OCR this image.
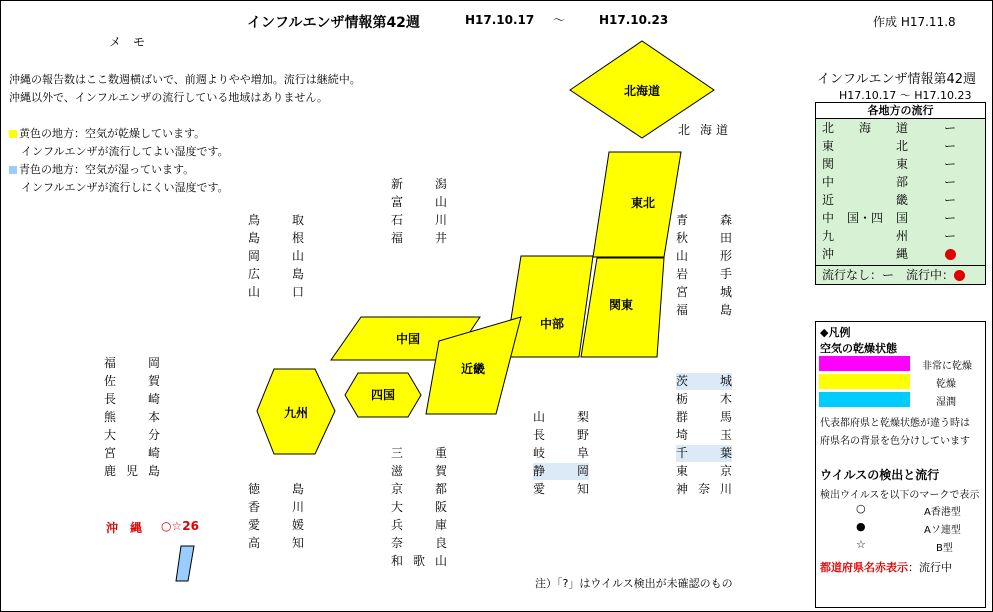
インフルエンザ情報第42週	H17.10.17 ～	H17.10.23	作成 H17.11.8
メ　モ
沖縄の報告数はここ数週横ばいで、前週よりやや増加。流行は継続中。
沖縄以外で、インフルエンザの流行している地域はありません。
黄色の地方：空気が乾燥しています。
インフルエンザが流行してよい湿度です。
青色の地方：空気が湿っています。
インフルエンザが流行しにくい湿度です。
北海道
東北
関東
中部
中国
近畿
四国
九州
北 海 道
新	潟
富	山
石	川
福	井
鳥	取
島	根
岡	山
広	島
山	口
青	森
秋	田
山	形
岩	手
宮	城
福	島
茨	城
栃	木
群	馬
埼	玉
千	葉
東	京
神 奈 川
山	梨
長	野
岐	阜
静	岡
愛	知
三	重
滋	賀
京	都
大	阪
兵	庫
奈	良
和 歌 山
徳	島
香	川
愛	媛
高	知
福	岡
佐	賀
長	崎
熊	本
大	分
宮	崎
鹿 児 島
沖　縄 ○☆26
注）「?」はウイルス検出が未確認のもの
インフルエンザ情報第42週
H17.10.17 ～ H17.10.23
各地方の流行
北 海 道	ー
東	北	ー
関	東	ー
中	部	ー
近	畿	ー
中 国・四 国	ー
九	州	ー
沖	縄
流行なし：ー　流行中：
◆凡例
空気の乾燥状態
非常に乾燥
乾燥
湿潤
代表都府県と乾燥状態が違う時は
府県名の背景を色分けしています
ウイルスの検出と流行
検出ウイルスを以下のマークで表示
○	A香港型
●	Aソ連型
☆	B型
都道府県名赤表示：流行中
